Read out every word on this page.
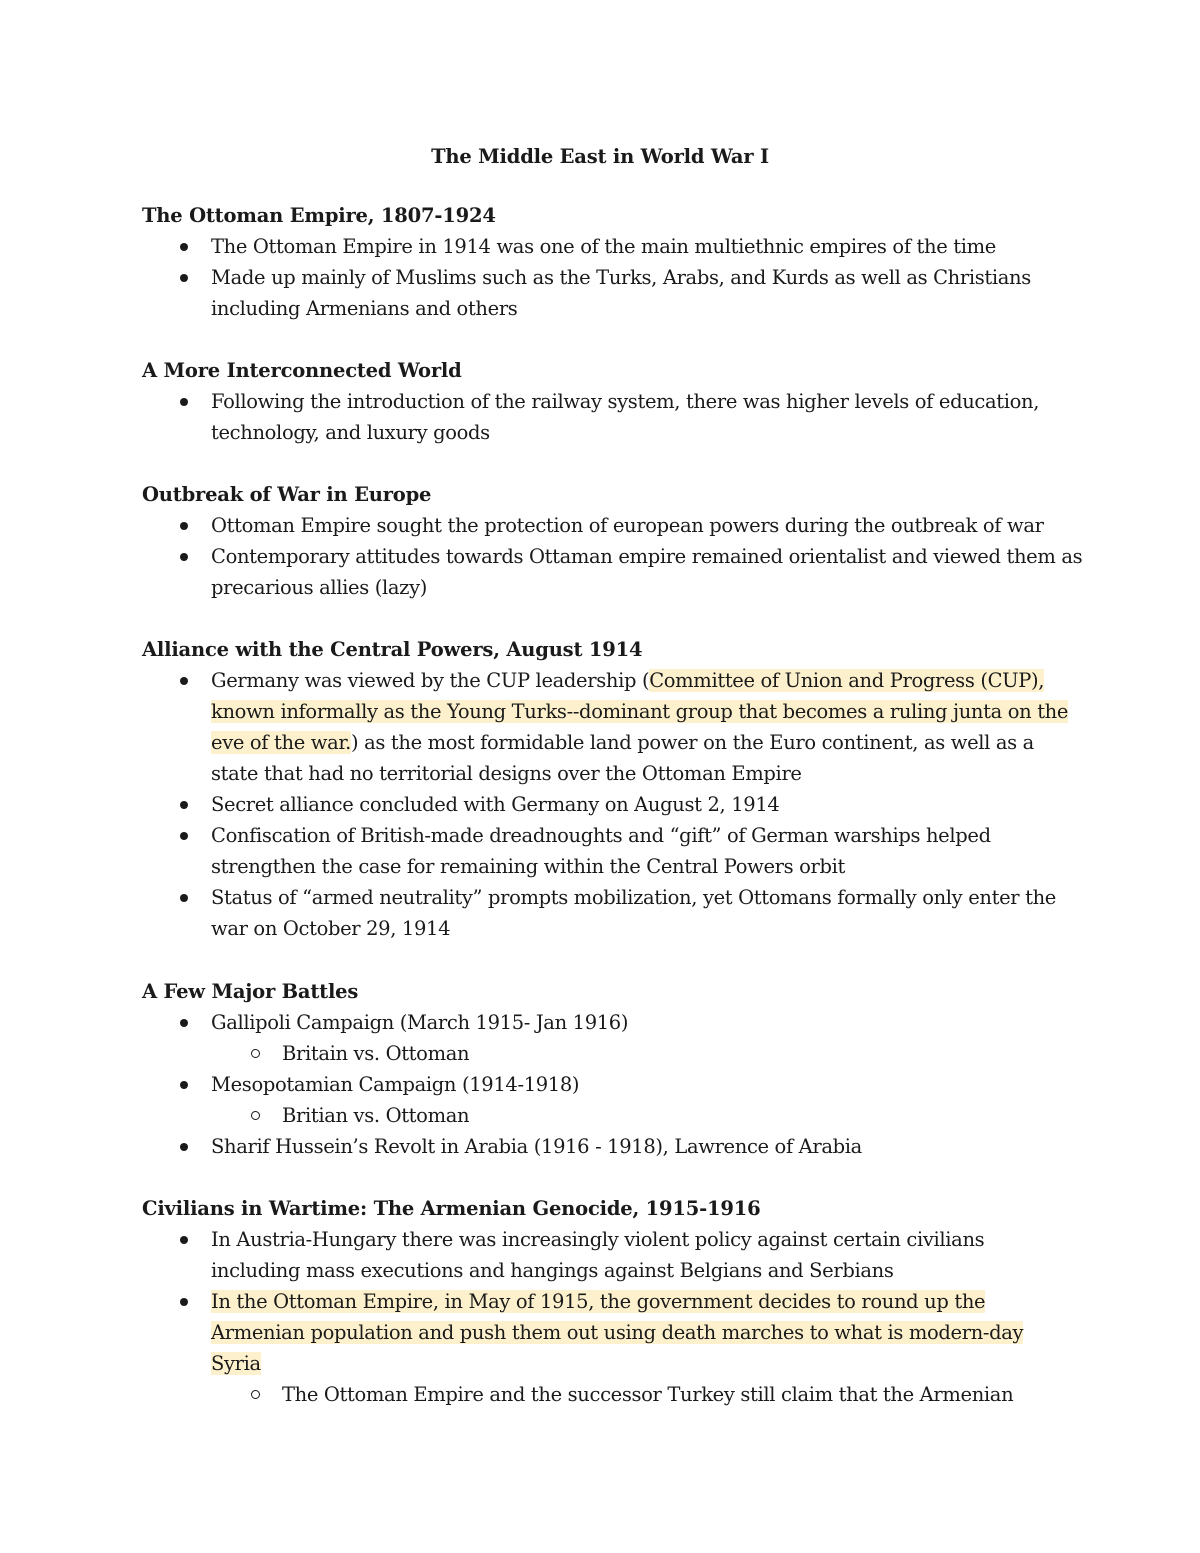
The Middle East in World War I
The Ottoman Empire, 1807-1924
The Ottoman Empire in 1914 was one of the main multiethnic empires of the time
Made up mainly of Muslims such as the Turks, Arabs, and Kurds as well as Christians
including Armenians and others
A More Interconnected World
Following the introduction of the railway system, there was higher levels of education,
technology, and luxury goods
Outbreak of War in Europe
Ottoman Empire sought the protection of european powers during the outbreak of war
Contemporary attitudes towards Ottaman empire remained orientalist and viewed them as
precarious allies (lazy)
Alliance with the Central Powers, August 1914
Germany was viewed by the CUP leadership (Committee of Union and Progress (CUP),
known informally as the Young Turks--dominant group that becomes a ruling junta on the
eve of the war.) as the most formidable land power on the Euro continent, as well as a
state that had no territorial designs over the Ottoman Empire
Secret alliance concluded with Germany on August 2, 1914
Confiscation of British-made dreadnoughts and “gift” of German warships helped
strengthen the case for remaining within the Central Powers orbit
Status of “armed neutrality” prompts mobilization, yet Ottomans formally only enter the
war on October 29, 1914
A Few Major Battles
Gallipoli Campaign (March 1915- Jan 1916)
Britain vs. Ottoman
Mesopotamian Campaign (1914-1918)
Britian vs. Ottoman
Sharif Hussein’s Revolt in Arabia (1916 - 1918), Lawrence of Arabia
Civilians in Wartime: The Armenian Genocide, 1915-1916
In Austria-Hungary there was increasingly violent policy against certain civilians
including mass executions and hangings against Belgians and Serbians
In the Ottoman Empire, in May of 1915, the government decides to round up the
Armenian population and push them out using death marches to what is modern-day
Syria
The Ottoman Empire and the successor Turkey still claim that the Armenian
